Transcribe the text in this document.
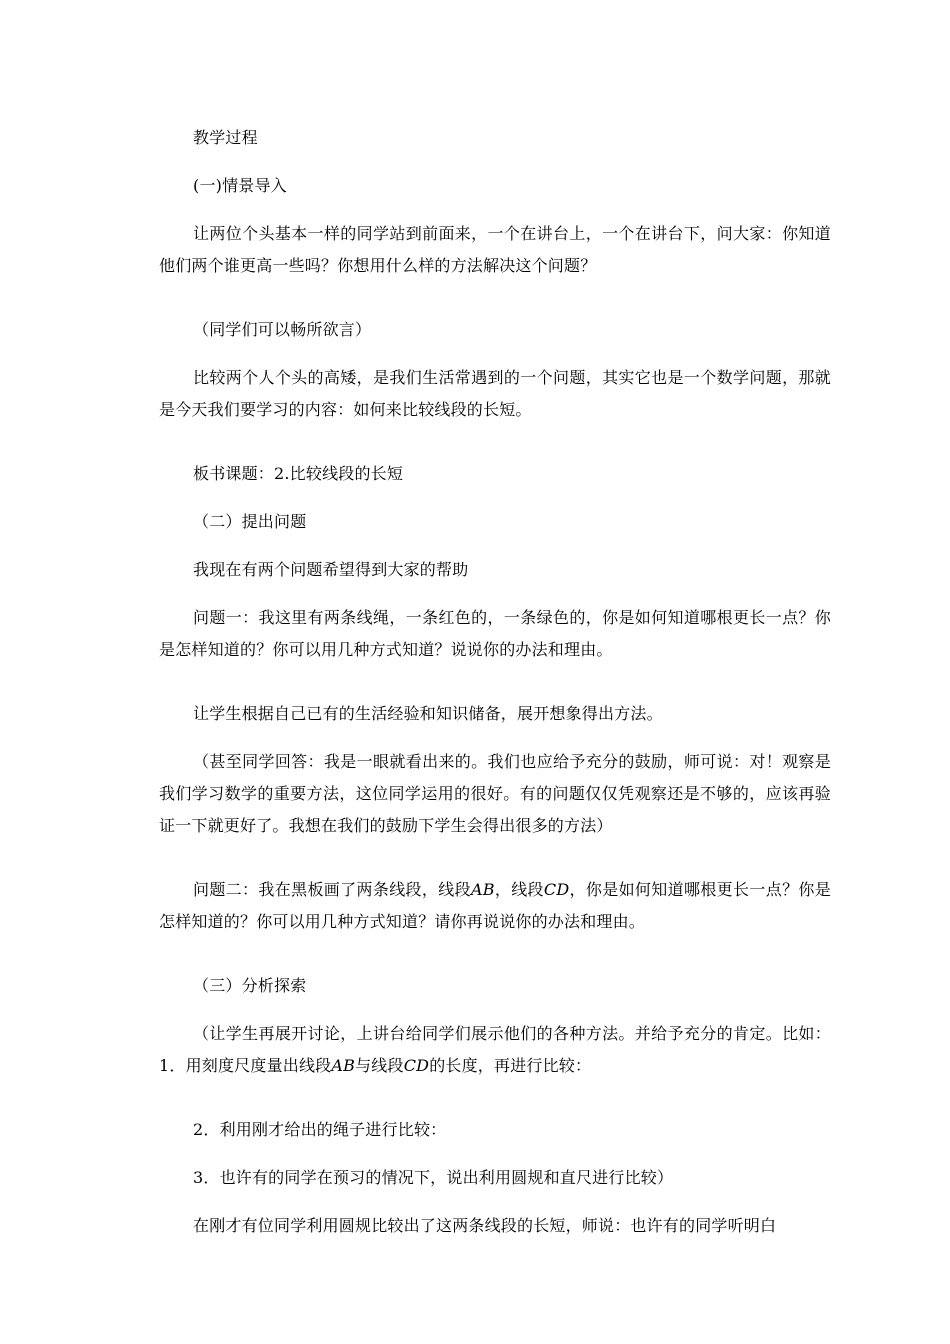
教学过程
(一)情景导入
让两位个头基本一样的同学站到前面来，一个在讲台上，一个在讲台下，问大家：你知道他们两个谁更高一些吗？你想用什么样的方法解决这个问题？
（同学们可以畅所欲言）
比较两个人个头的高矮，是我们生活常遇到的一个问题，其实它也是一个数学问题，那就是今天我们要学习的内容：如何来比较线段的长短。
板书课题：2.比较线段的长短
（二）提出问题
我现在有两个问题希望得到大家的帮助
问题一：我这里有两条线绳，一条红色的，一条绿色的，你是如何知道哪根更长一点？你是怎样知道的？你可以用几种方式知道？说说你的办法和理由。
让学生根据自己已有的生活经验和知识储备，展开想象得出方法。
（甚至同学回答：我是一眼就看出来的。我们也应给予充分的鼓励，师可说：对！观察是我们学习数学的重要方法，这位同学运用的很好。有的问题仅仅凭观察还是不够的，应该再验证一下就更好了。我想在我们的鼓励下学生会得出很多的方法）
问题二：我在黑板画了两条线段，线段AB，线段CD，你是如何知道哪根更长一点？你是怎样知道的？你可以用几种方式知道？请你再说说你的办法和理由。
（三）分析探索
（让学生再展开讨论，上讲台给同学们展示他们的各种方法。并给予充分的肯定。比如：1．用刻度尺度量出线段AB与线段CD的长度，再进行比较：
2．利用刚才给出的绳子进行比较：
3．也许有的同学在预习的情况下，说出利用圆规和直尺进行比较）
在刚才有位同学利用圆规比较出了这两条线段的长短，师说：也许有的同学听明白
